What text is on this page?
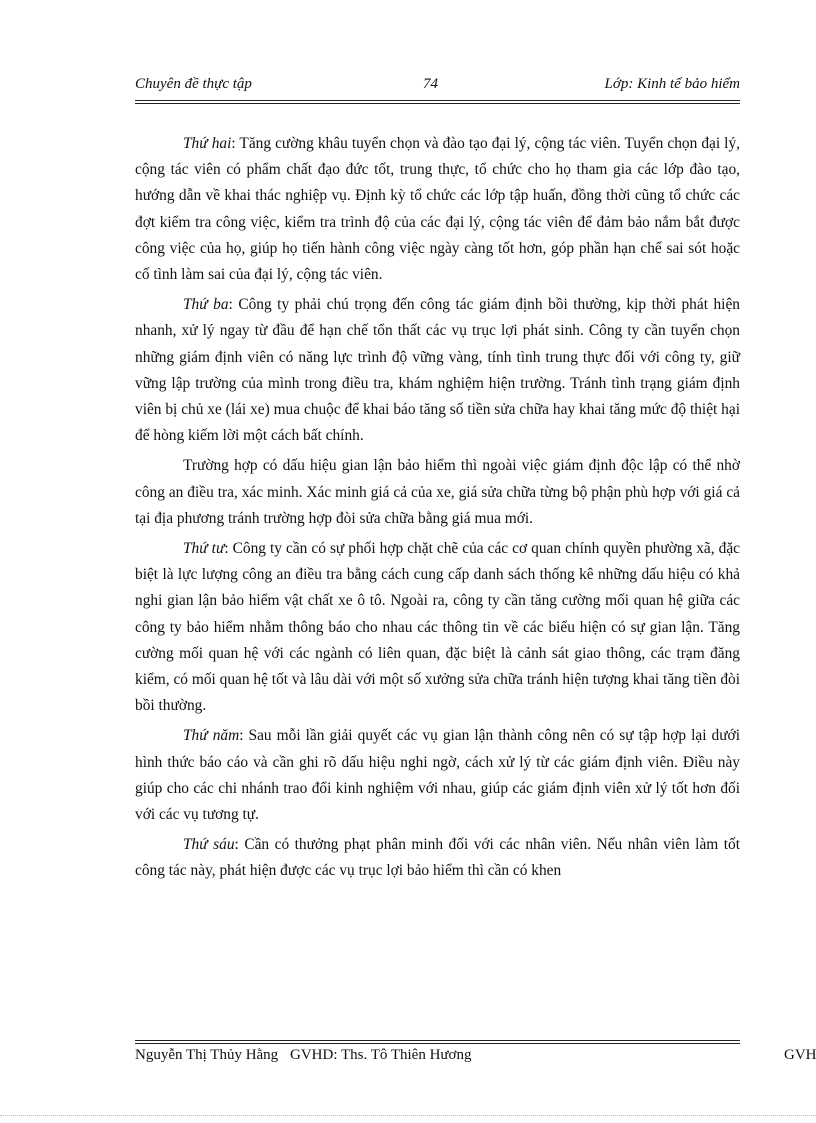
Chuyên đề thực tập	74	Lớp: Kinh tế bảo hiểm

Thứ hai: Tăng cường khâu tuyển chọn và đào tạo đại lý, cộng tác viên. Tuyển chọn đại lý, cộng tác viên có phẩm chất đạo đức tốt, trung thực, tổ chức cho họ tham gia các lớp đào tạo, hướng dẫn về khai thác nghiệp vụ. Định kỳ tổ chức các lớp tập huấn, đồng thời cũng tổ chức các đợt kiểm tra công việc, kiểm tra trình độ của các đại lý, cộng tác viên để đảm bảo nắm bắt được công việc của họ, giúp họ tiến hành công việc ngày càng tốt hơn, góp phần hạn chế sai sót hoặc cố tình làm sai của đại lý, cộng tác viên.

Thứ ba: Công ty phải chú trọng đến công tác giám định bồi thường, kịp thời phát hiện nhanh, xử lý ngay từ đầu để hạn chế tổn thất các vụ trục lợi phát sinh. Công ty cần tuyển chọn những giám định viên có năng lực trình độ vững vàng, tính tình trung thực đối với công ty, giữ vững lập trường của mình trong điều tra, khám nghiệm hiện trường. Tránh tình trạng giám định viên bị chủ xe (lái xe) mua chuộc để khai báo tăng số tiền sửa chữa hay khai tăng mức độ thiệt hại để hòng kiếm lời một cách bất chính.

Trường hợp có dấu hiệu gian lận bảo hiểm thì ngoài việc giám định độc lập có thể nhờ công an điều tra, xác minh. Xác minh giá cả của xe, giá sửa chữa từng bộ phận phù hợp với giá cả tại địa phương tránh trường hợp đòi sửa chữa bằng giá mua mới.

Thứ tư: Công ty cần có sự phối hợp chặt chẽ của các cơ quan chính quyền phường xã, đặc biệt là lực lượng công an điều tra bằng cách cung cấp danh sách thống kê những dấu hiệu có khả nghi gian lận bảo hiểm vật chất xe ô tô. Ngoài ra, công ty cần tăng cường mối quan hệ giữa các công ty bảo hiểm nhằm thông báo cho nhau các thông tin về các biểu hiện có sự gian lận. Tăng cường mối quan hệ với các ngành có liên quan, đặc biệt là cảnh sát giao thông, các trạm đăng kiểm, có mối quan hệ tốt và lâu dài với một số xưởng sửa chữa tránh hiện tượng khai tăng tiền đòi bồi thường.

Thứ năm: Sau mỗi lần giải quyết các vụ gian lận thành công nên có sự tập hợp lại dưới hình thức báo cáo và cần ghi rõ dấu hiệu nghi ngờ, cách xử lý từ các giám định viên. Điều này giúp cho các chi nhánh trao đổi kinh nghiệm với nhau, giúp các giám định viên xử lý tốt hơn đối với các vụ tương tự.

Thứ sáu: Cần có thưởng phạt phân minh đối với các nhân viên. Nếu nhân viên làm tốt công tác này, phát hiện được các vụ trục lợi bảo hiểm thì cần có khen

Nguyễn Thị Thủy Hằng GVHD: Ths. Tô Thiên Hương	GVH
